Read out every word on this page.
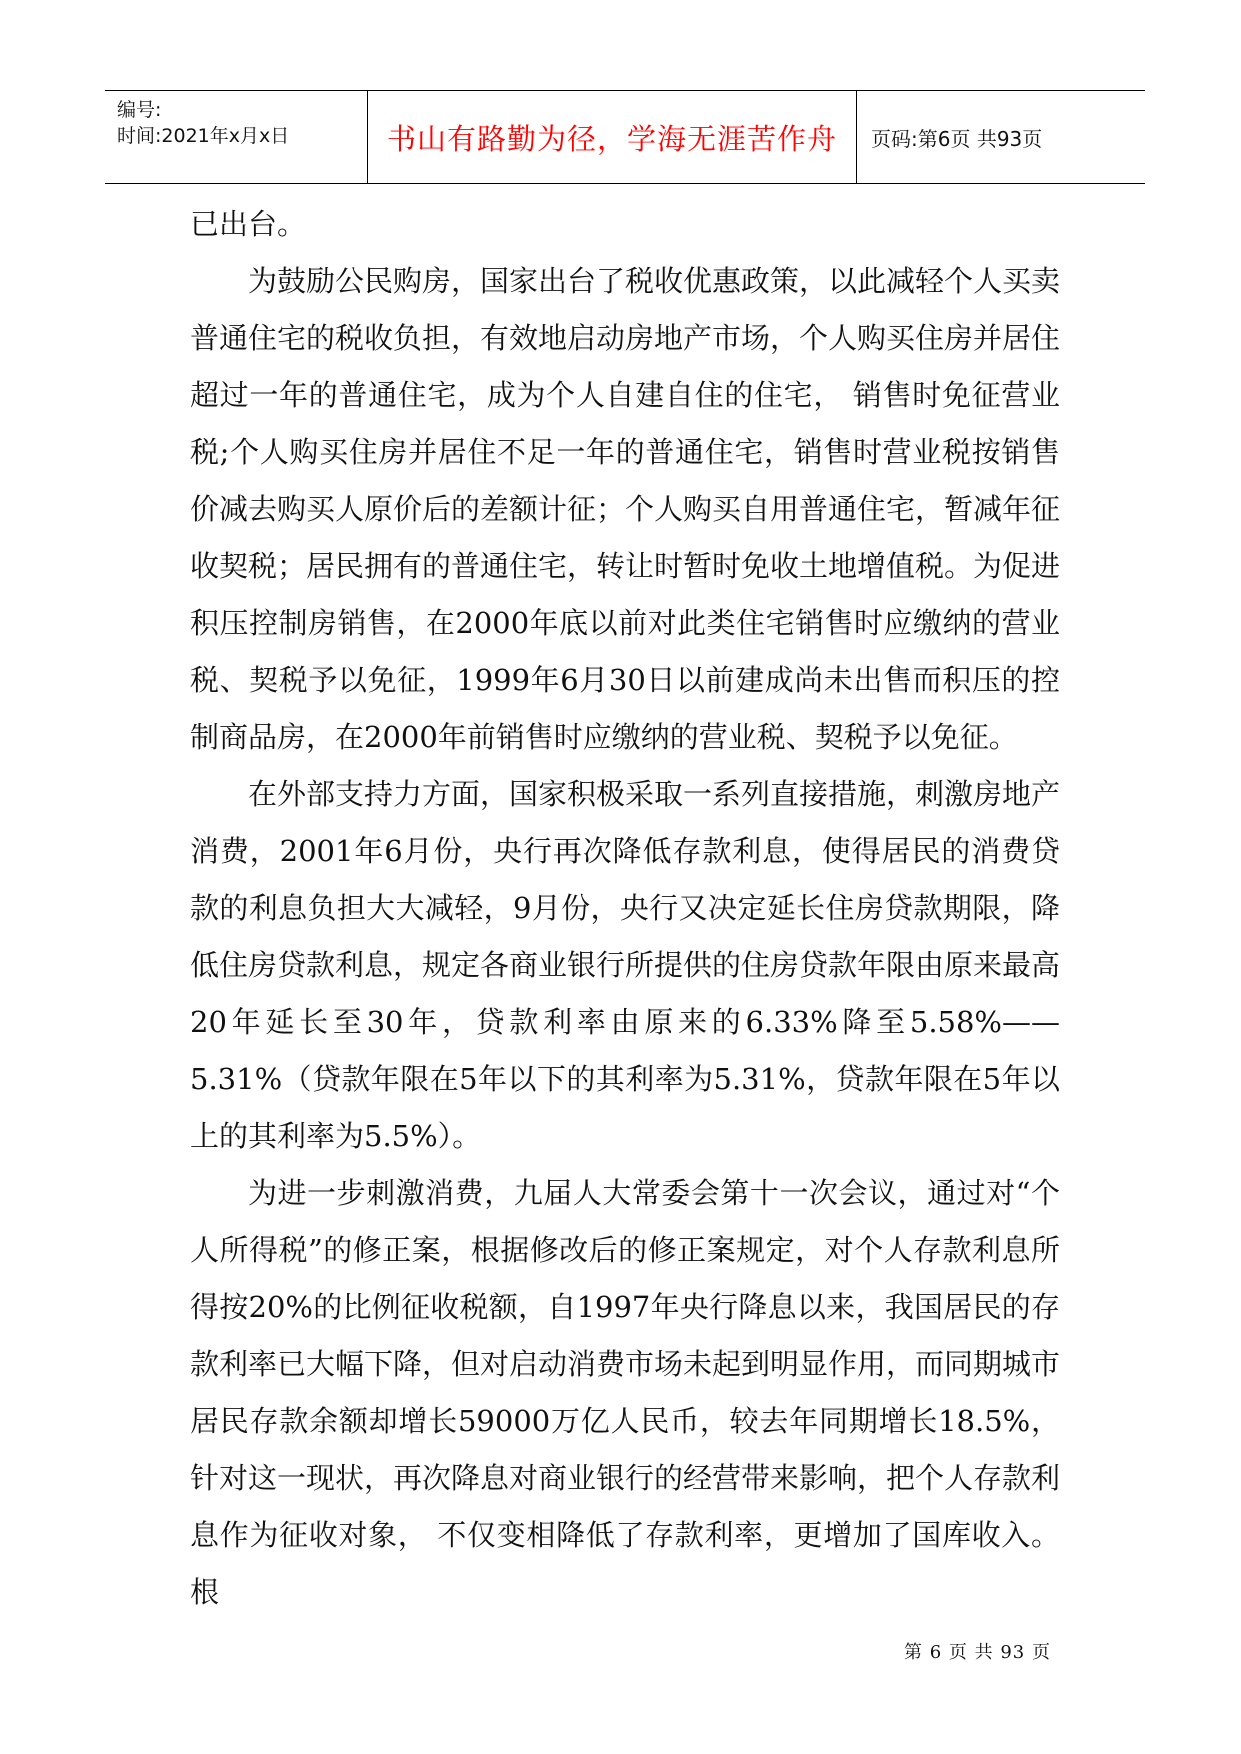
编号:
时间:2021年x月x日	书山有路勤为径，学海无涯苦作舟	页码:第6页 共93页

已出台。

为鼓励公民购房，国家出台了税收优惠政策，以此减轻个人买卖普通住宅的税收负担，有效地启动房地产市场，个人购买住房并居住超过一年的普通住宅，成为个人自建自住的住宅， 销售时免征营业税;个人购买住房并居住不足一年的普通住宅，销售时营业税按销售价减去购买人原价后的差额计征；个人购买自用普通住宅，暂减年征收契税；居民拥有的普通住宅，转让时暂时免收土地增值税。为促进积压控制房销售，在2000年底以前对此类住宅销售时应缴纳的营业税、契税予以免征，1999年6月30日以前建成尚未出售而积压的控制商品房，在2000年前销售时应缴纳的营业税、契税予以免征。

在外部支持力方面，国家积极采取一系列直接措施，刺激房地产消费，2001年6月份，央行再次降低存款利息，使得居民的消费贷款的利息负担大大减轻，9月份，央行又决定延长住房贷款期限，降低住房贷款利息，规定各商业银行所提供的住房贷款年限由原来最高20年延长至30年，贷款利率由原来的6.33%降至5.58%——5.31%（贷款年限在5年以下的其利率为5.31%，贷款年限在5年以上的其利率为5.5%）。

为进一步刺激消费，九届人大常委会第十一次会议，通过对“个人所得税”的修正案，根据修改后的修正案规定，对个人存款利息所得按20%的比例征收税额，自1997年央行降息以来，我国居民的存款利率已大幅下降，但对启动消费市场未起到明显作用，而同期城市居民存款余额却增长59000万亿人民币，较去年同期增长18.5%，针对这一现状，再次降息对商业银行的经营带来影响，把个人存款利息作为征收对象， 不仅变相降低了存款利率，更增加了国库收入。根

第 6 页 共 93 页
